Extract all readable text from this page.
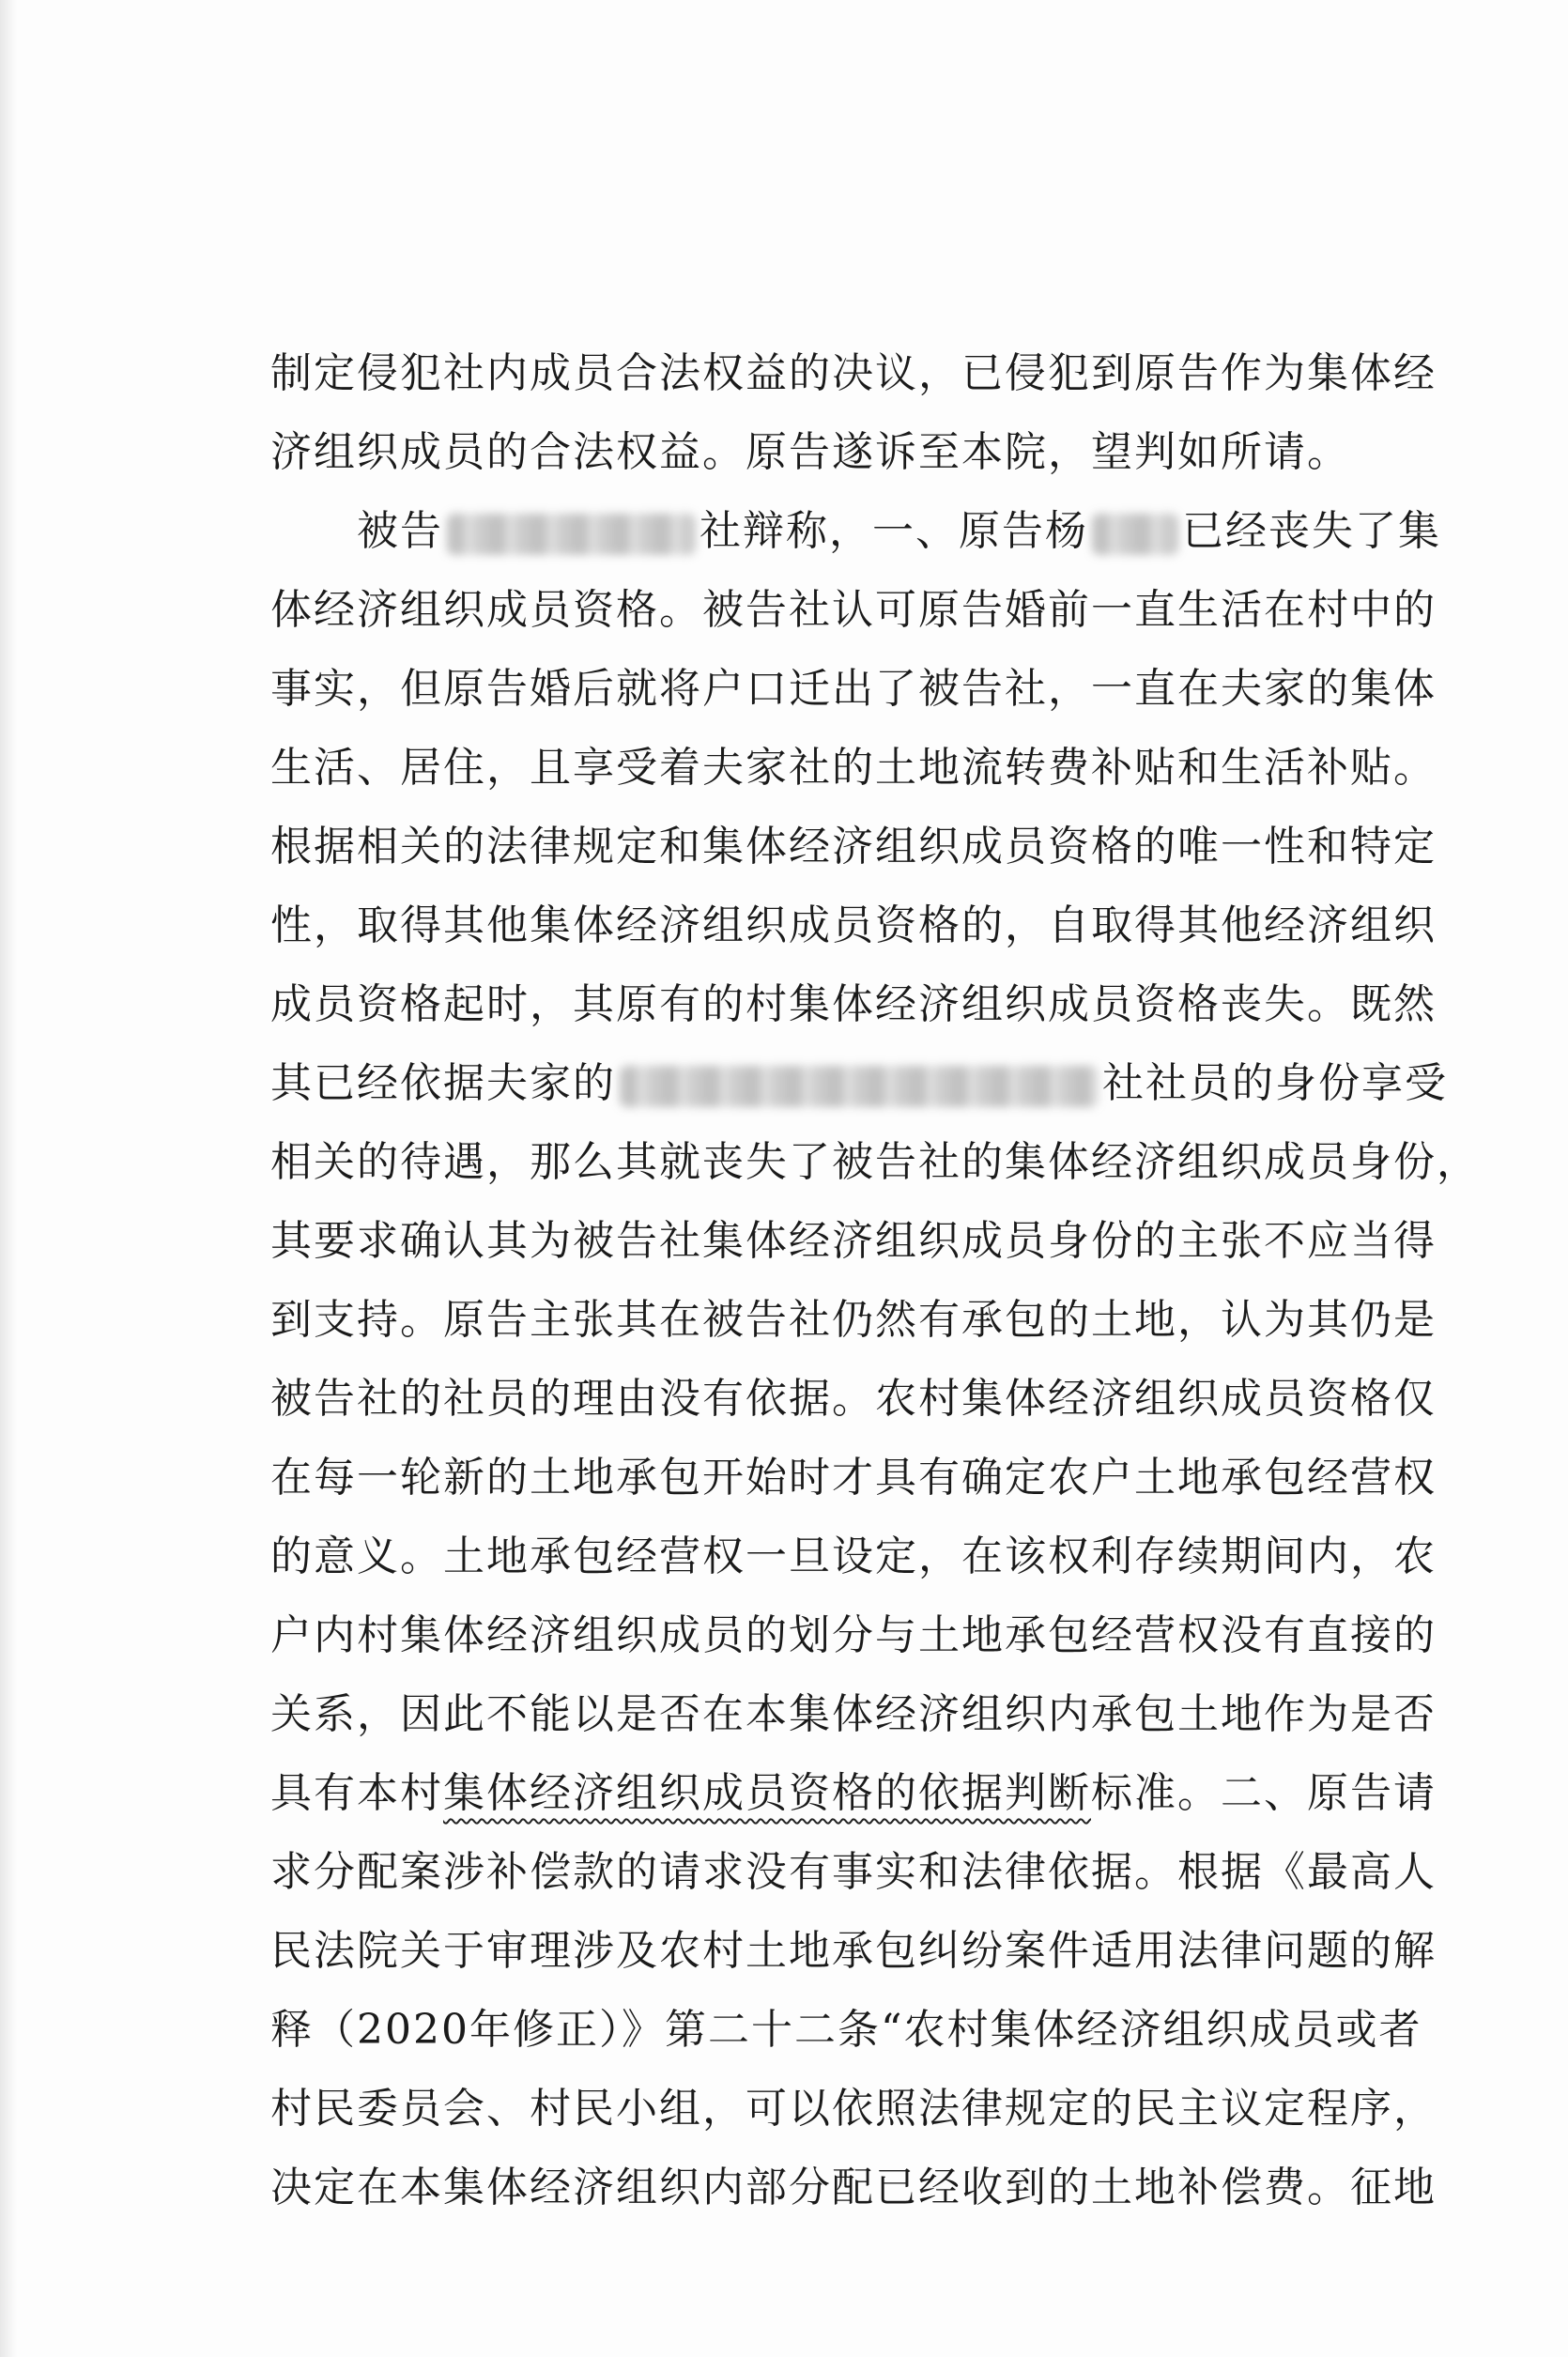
制定侵犯社内成员合法权益的决议，已侵犯到原告作为集体经
济组织成员的合法权益。原告遂诉至本院，望判如所请。
被告	社辩称，一、原告杨 已经丧失了集
体经济组织成员资格。被告社认可原告婚前一直生活在村中的
事实，但原告婚后就将户口迁出了被告社，一直在夫家的集体
生活、居住，且享受着夫家社的土地流转费补贴和生活补贴。
根据相关的法律规定和集体经济组织成员资格的唯一性和特定
性，取得其他集体经济组织成员资格的，自取得其他经济组织
成员资格起时，其原有的村集体经济组织成员资格丧失。既然
其已经依据夫家的	社社员的身份享受
相关的待遇，那么其就丧失了被告社的集体经济组织成员身份，
其要求确认其为被告社集体经济组织成员身份的主张不应当得
到支持。原告主张其在被告社仍然有承包的土地，认为其仍是
被告社的社员的理由没有依据。农村集体经济组织成员资格仅
在每一轮新的土地承包开始时才具有确定农户土地承包经营权
的意义。土地承包经营权一旦设定，在该权利存续期间内，农
户内村集体经济组织成员的划分与土地承包经营权没有直接的
关系，因此不能以是否在本集体经济组织内承包土地作为是否
具有本村集体经济组织成员资格的依据判断标准。二、原告请
求分配案涉补偿款的请求没有事实和法律依据。根据《最高人
民法院关于审理涉及农村土地承包纠纷案件适用法律问题的解
释（2020年修正）》第二十二条“农村集体经济组织成员或者
村民委员会、村民小组，可以依照法律规定的民主议定程序，
决定在本集体经济组织内部分配已经收到的土地补偿费。征地
